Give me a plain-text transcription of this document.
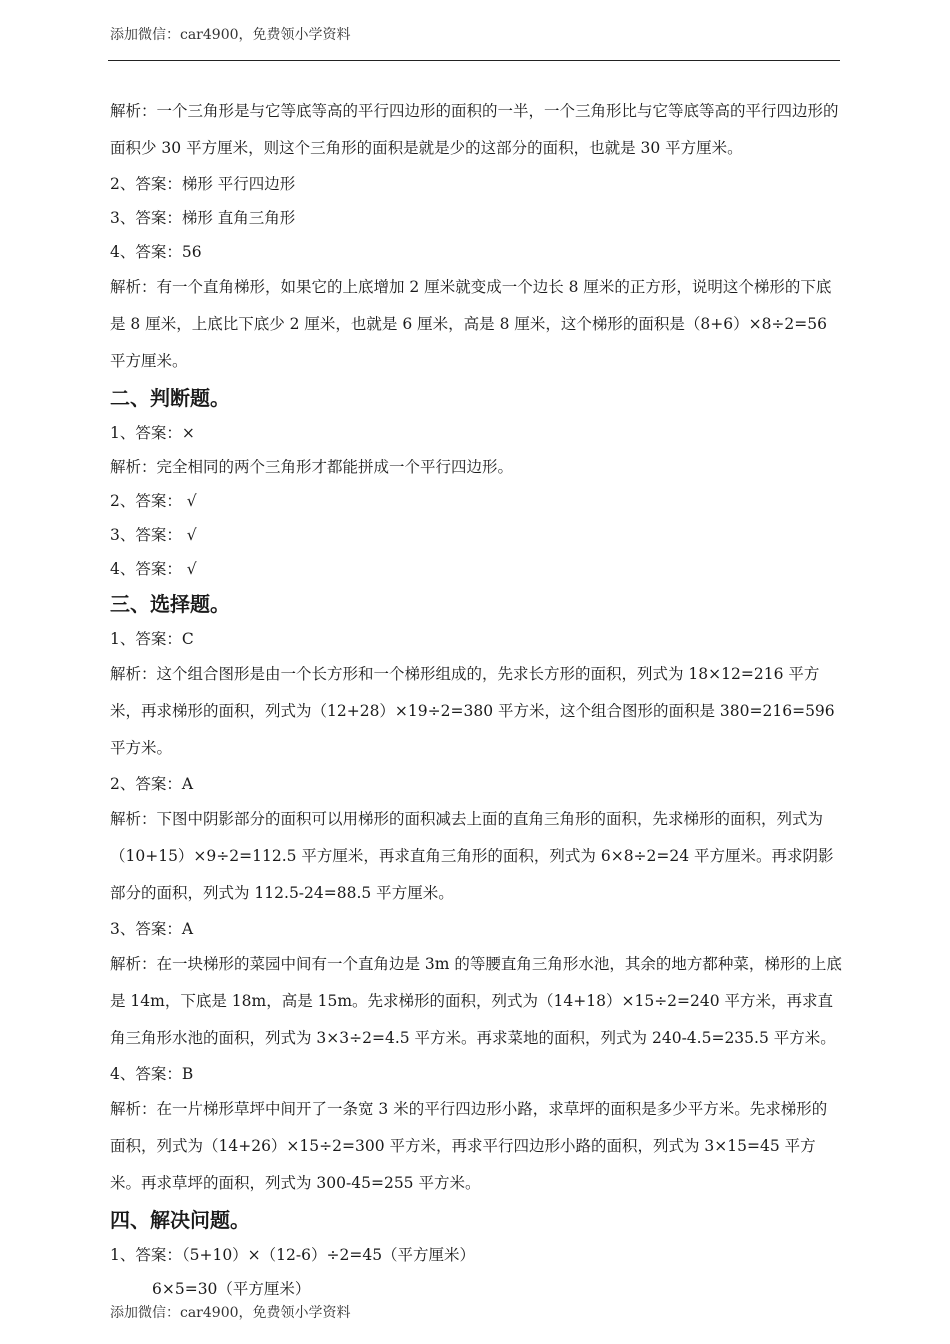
添加微信：car4900，免费领小学资料

解析：一个三角形是与它等底等高的平行四边形的面积的一半，一个三角形比与它等底等高的平行四边形的面积少 30 平方厘米，则这个三角形的面积是就是少的这部分的面积，也就是 30 平方厘米。

2、答案：梯形 平行四边形

3、答案：梯形 直角三角形

4、答案：56

解析：有一个直角梯形，如果它的上底增加 2 厘米就变成一个边长 8 厘米的正方形，说明这个梯形的下底是 8 厘米，上底比下底少 2 厘米，也就是 6 厘米，高是 8 厘米，这个梯形的面积是（8+6）×8÷2=56 平方厘米。

二、判断题。

1、答案：×

解析：完全相同的两个三角形才都能拼成一个平行四边形。

2、答案： √

3、答案： √

4、答案： √

三、选择题。

1、答案：C

解析：这个组合图形是由一个长方形和一个梯形组成的，先求长方形的面积，列式为 18×12=216 平方米，再求梯形的面积，列式为（12+28）×19÷2=380 平方米，这个组合图形的面积是 380=216=596 平方米。

2、答案：A

解析：下图中阴影部分的面积可以用梯形的面积减去上面的直角三角形的面积，先求梯形的面积，列式为（10+15）×9÷2=112.5 平方厘米，再求直角三角形的面积，列式为 6×8÷2=24 平方厘米。再求阴影部分的面积，列式为 112.5-24=88.5 平方厘米。

3、答案：A

解析：在一块梯形的菜园中间有一个直角边是 3m 的等腰直角三角形水池，其余的地方都种菜，梯形的上底是 14m，下底是 18m，高是 15m。先求梯形的面积，列式为（14+18）×15÷2=240 平方米，再求直角三角形水池的面积，列式为 3×3÷2=4.5 平方米。再求菜地的面积，列式为 240-4.5=235.5 平方米。

4、答案：B

解析：在一片梯形草坪中间开了一条宽 3 米的平行四边形小路，求草坪的面积是多少平方米。先求梯形的面积，列式为（14+26）×15÷2=300 平方米，再求平行四边形小路的面积，列式为 3×15=45 平方米。再求草坪的面积，列式为 300-45=255 平方米。

四、解决问题。

1、答案：（5+10）×（12-6）÷2=45（平方厘米）

6×5=30（平方厘米）

添加微信：car4900，免费领小学资料
